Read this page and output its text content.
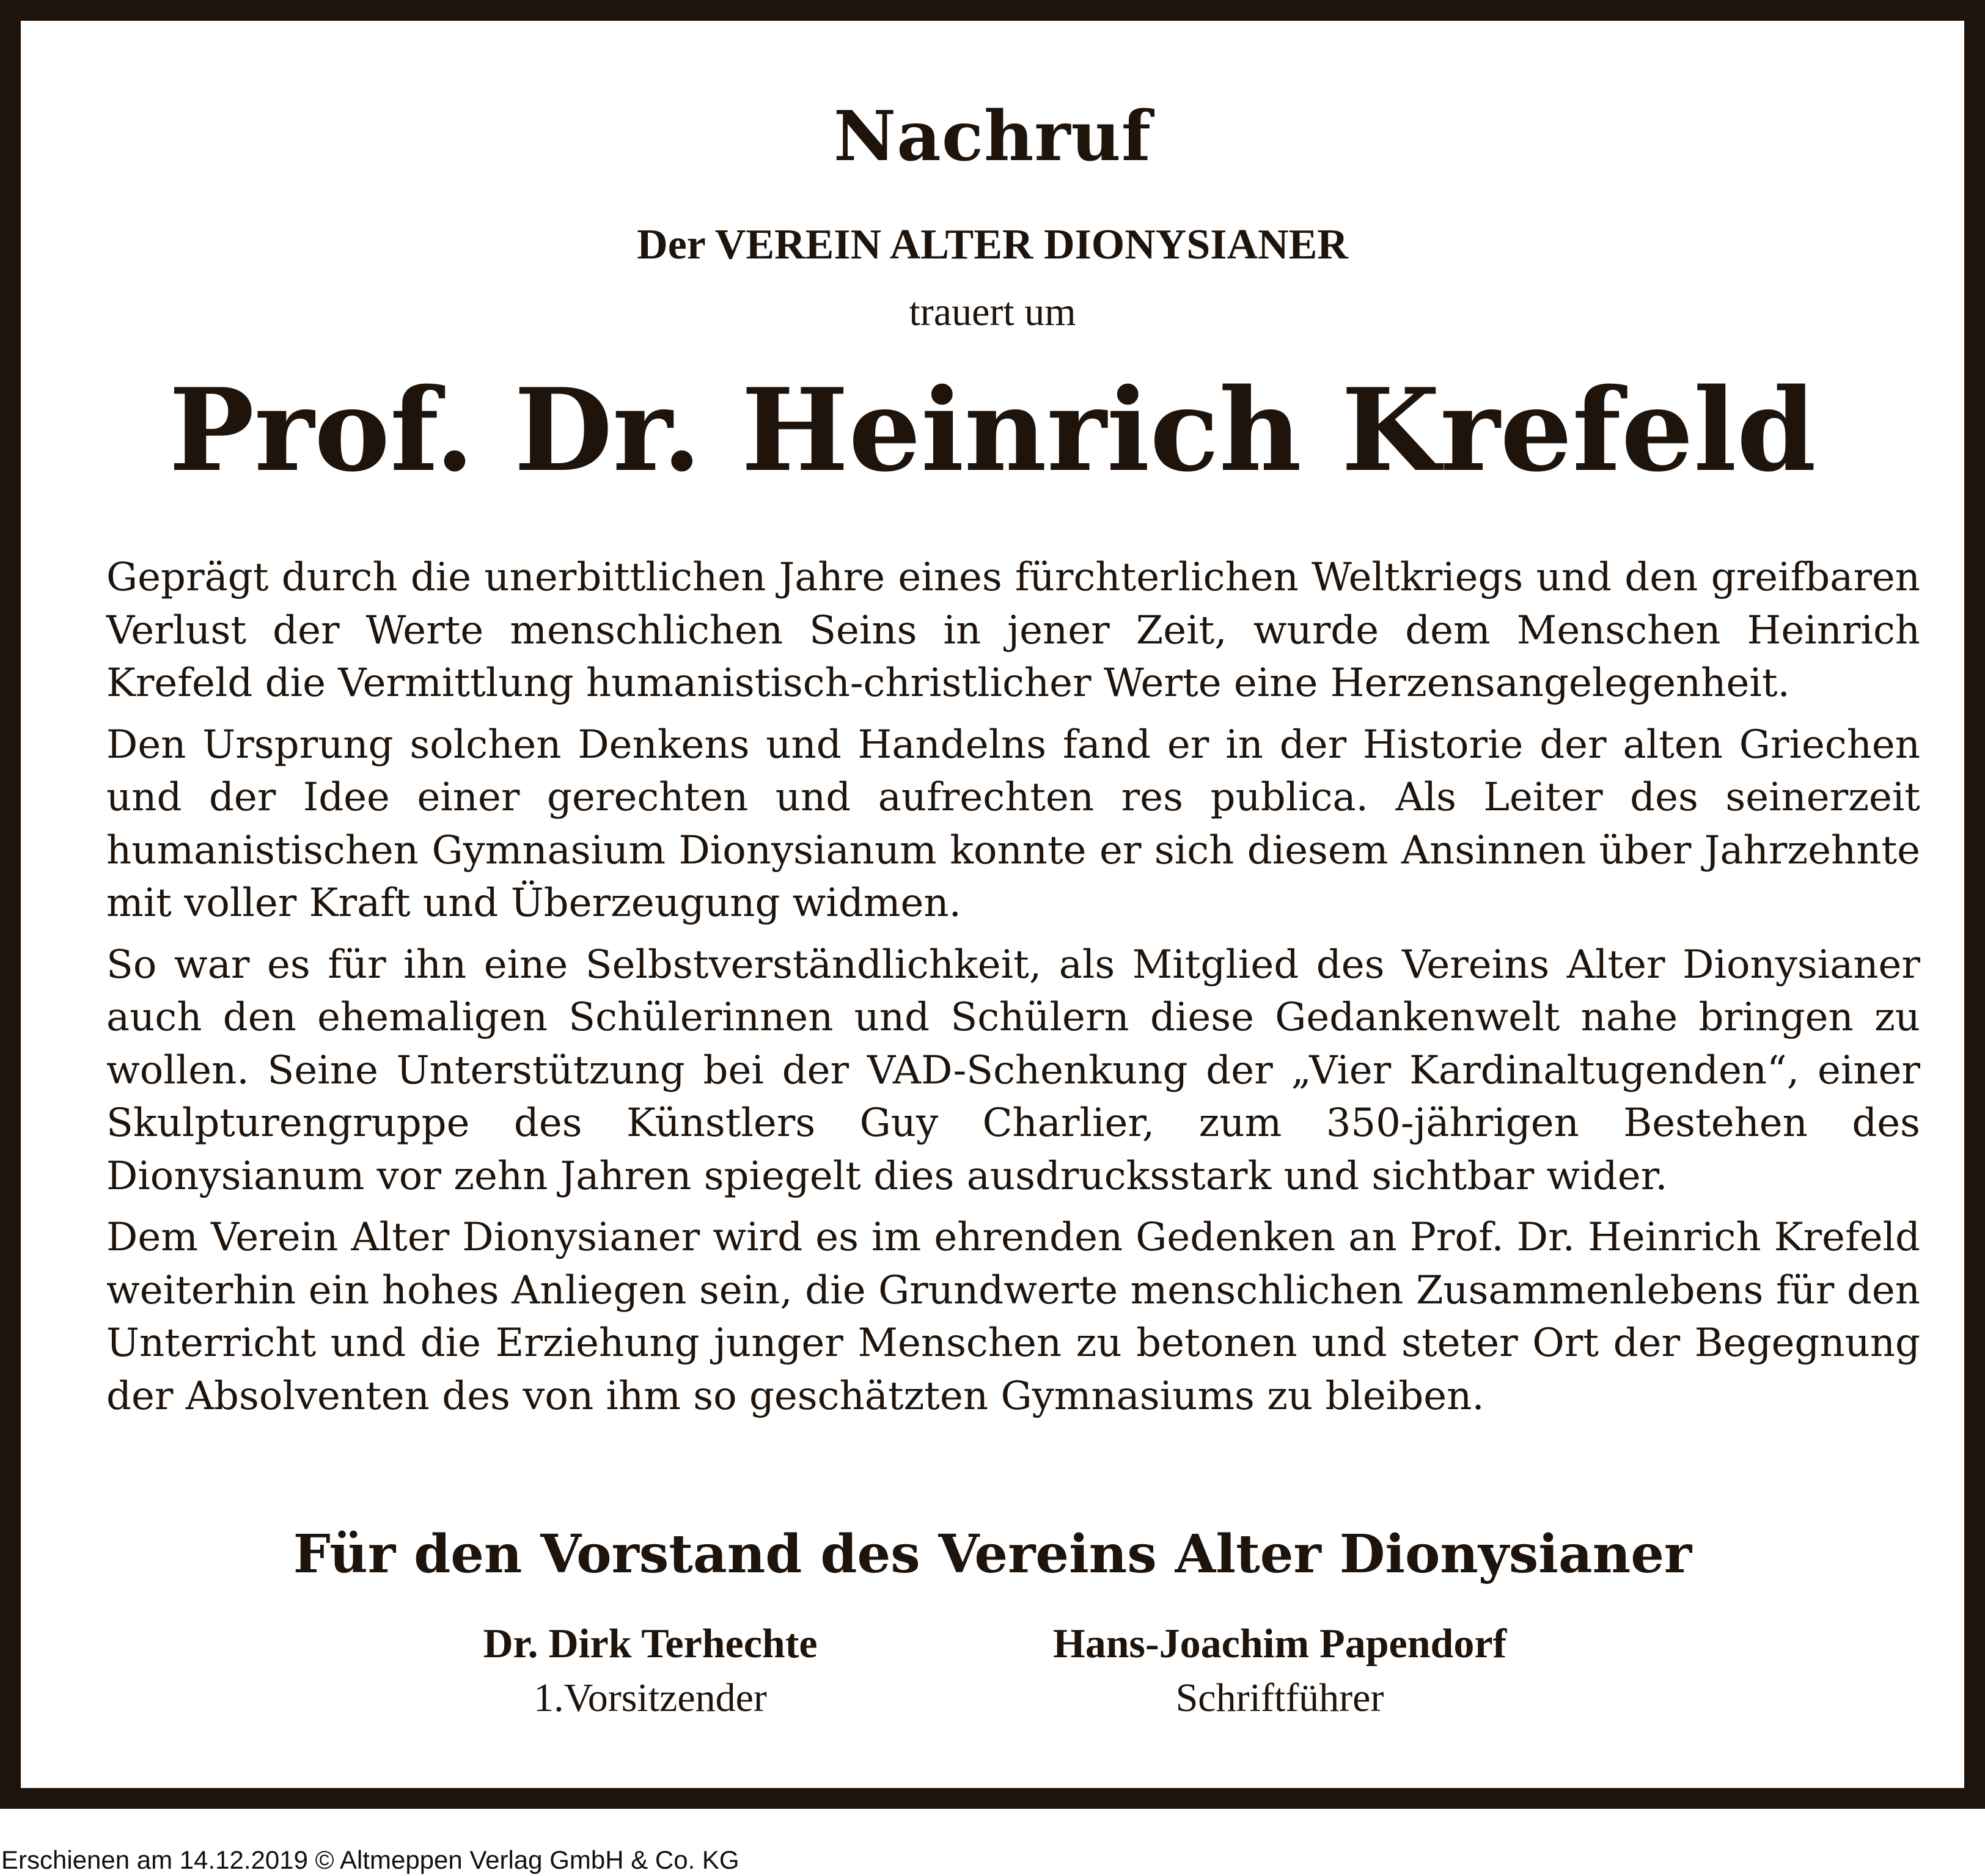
Nachruf
Der VEREIN ALTER DIONYSIANER
trauert um
Prof. Dr. Heinrich Krefeld

Geprägt durch die unerbittlichen Jahre eines fürchterlichen Weltkriegs und den greifbaren Verlust der Werte menschlichen Seins in jener Zeit, wurde dem Menschen Heinrich Krefeld die Vermittlung humanistisch-christlicher Werte eine Herzensangelegenheit.

Den Ursprung solchen Denkens und Handelns fand er in der Historie der alten Griechen und der Idee einer gerechten und aufrechten res publica. Als Leiter des seinerzeit humanistischen Gymnasium Dionysianum konnte er sich diesem Ansinnen über Jahrzehnte mit voller Kraft und Überzeugung widmen.

So war es für ihn eine Selbstverständlichkeit, als Mitglied des Vereins Alter Dionysianer auch den ehemaligen Schülerinnen und Schülern diese Gedankenwelt nahe bringen zu wollen. Seine Unterstützung bei der VAD-Schenkung der „Vier Kardinaltugenden“, einer Skulpturengruppe des Künstlers Guy Charlier, zum 350-jährigen Bestehen des Dionysianum vor zehn Jahren spiegelt dies ausdrucksstark und sichtbar wider.

Dem Verein Alter Dionysianer wird es im ehrenden Gedenken an Prof. Dr. Heinrich Krefeld weiterhin ein hohes Anliegen sein, die Grundwerte menschlichen Zusammenlebens für den Unterricht und die Erziehung junger Menschen zu betonen und steter Ort der Begegnung der Absolventen des von ihm so geschätzten Gymnasiums zu bleiben.

Für den Vorstand des Vereins Alter Dionysianer
Dr. Dirk Terhechte
1.Vorsitzender
Hans-Joachim Papendorf
Schriftführer
Erschienen am 14.12.2019 © Altmeppen Verlag GmbH & Co. KG
